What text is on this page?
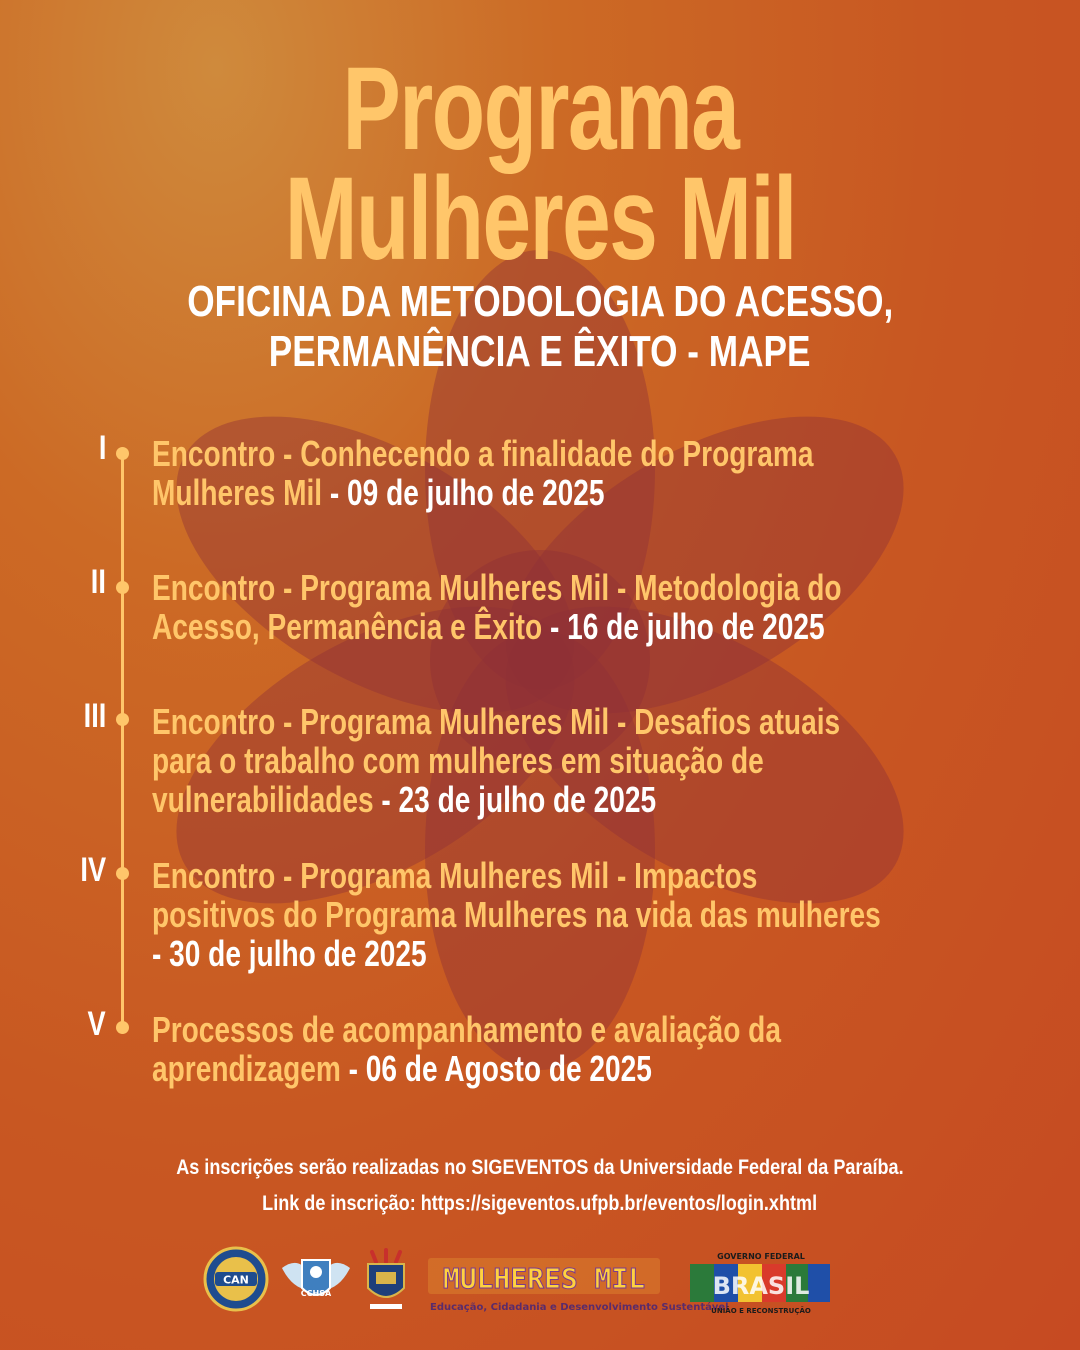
Programa
Mulheres Mil
OFICINA DA METODOLOGIA DO ACESSO,
PERMANÊNCIA E ÊXITO - MAPE
I
II
III
IV
V
Encontro - Conhecendo a finalidade do Programa
Mulheres Mil - 09 de julho de 2025
Encontro - Programa Mulheres Mil - Metodologia do
Acesso, Permanência e Êxito - 16 de julho de 2025
Encontro - Programa Mulheres Mil - Desafios atuais
para o trabalho com mulheres em situação de
vulnerabilidades - 23 de julho de 2025
Encontro - Programa Mulheres Mil - Impactos
positivos do Programa Mulheres na vida das mulheres
- 30 de julho de 2025
Processos de acompanhamento e avaliação da
aprendizagem - 06 de Agosto de 2025
As inscrições serão realizadas no SIGEVENTOS da Universidade Federal da Paraíba.
Link de inscrição: https://sigeventos.ufpb.br/eventos/login.xhtml
CAN
CCHSA	MULHERES MIL
Educação, Cidadania e Desenvolvimento Sustentável
GOVERNO FEDERAL
BRASIL
UNIÃO E RECONSTRUÇÃO
